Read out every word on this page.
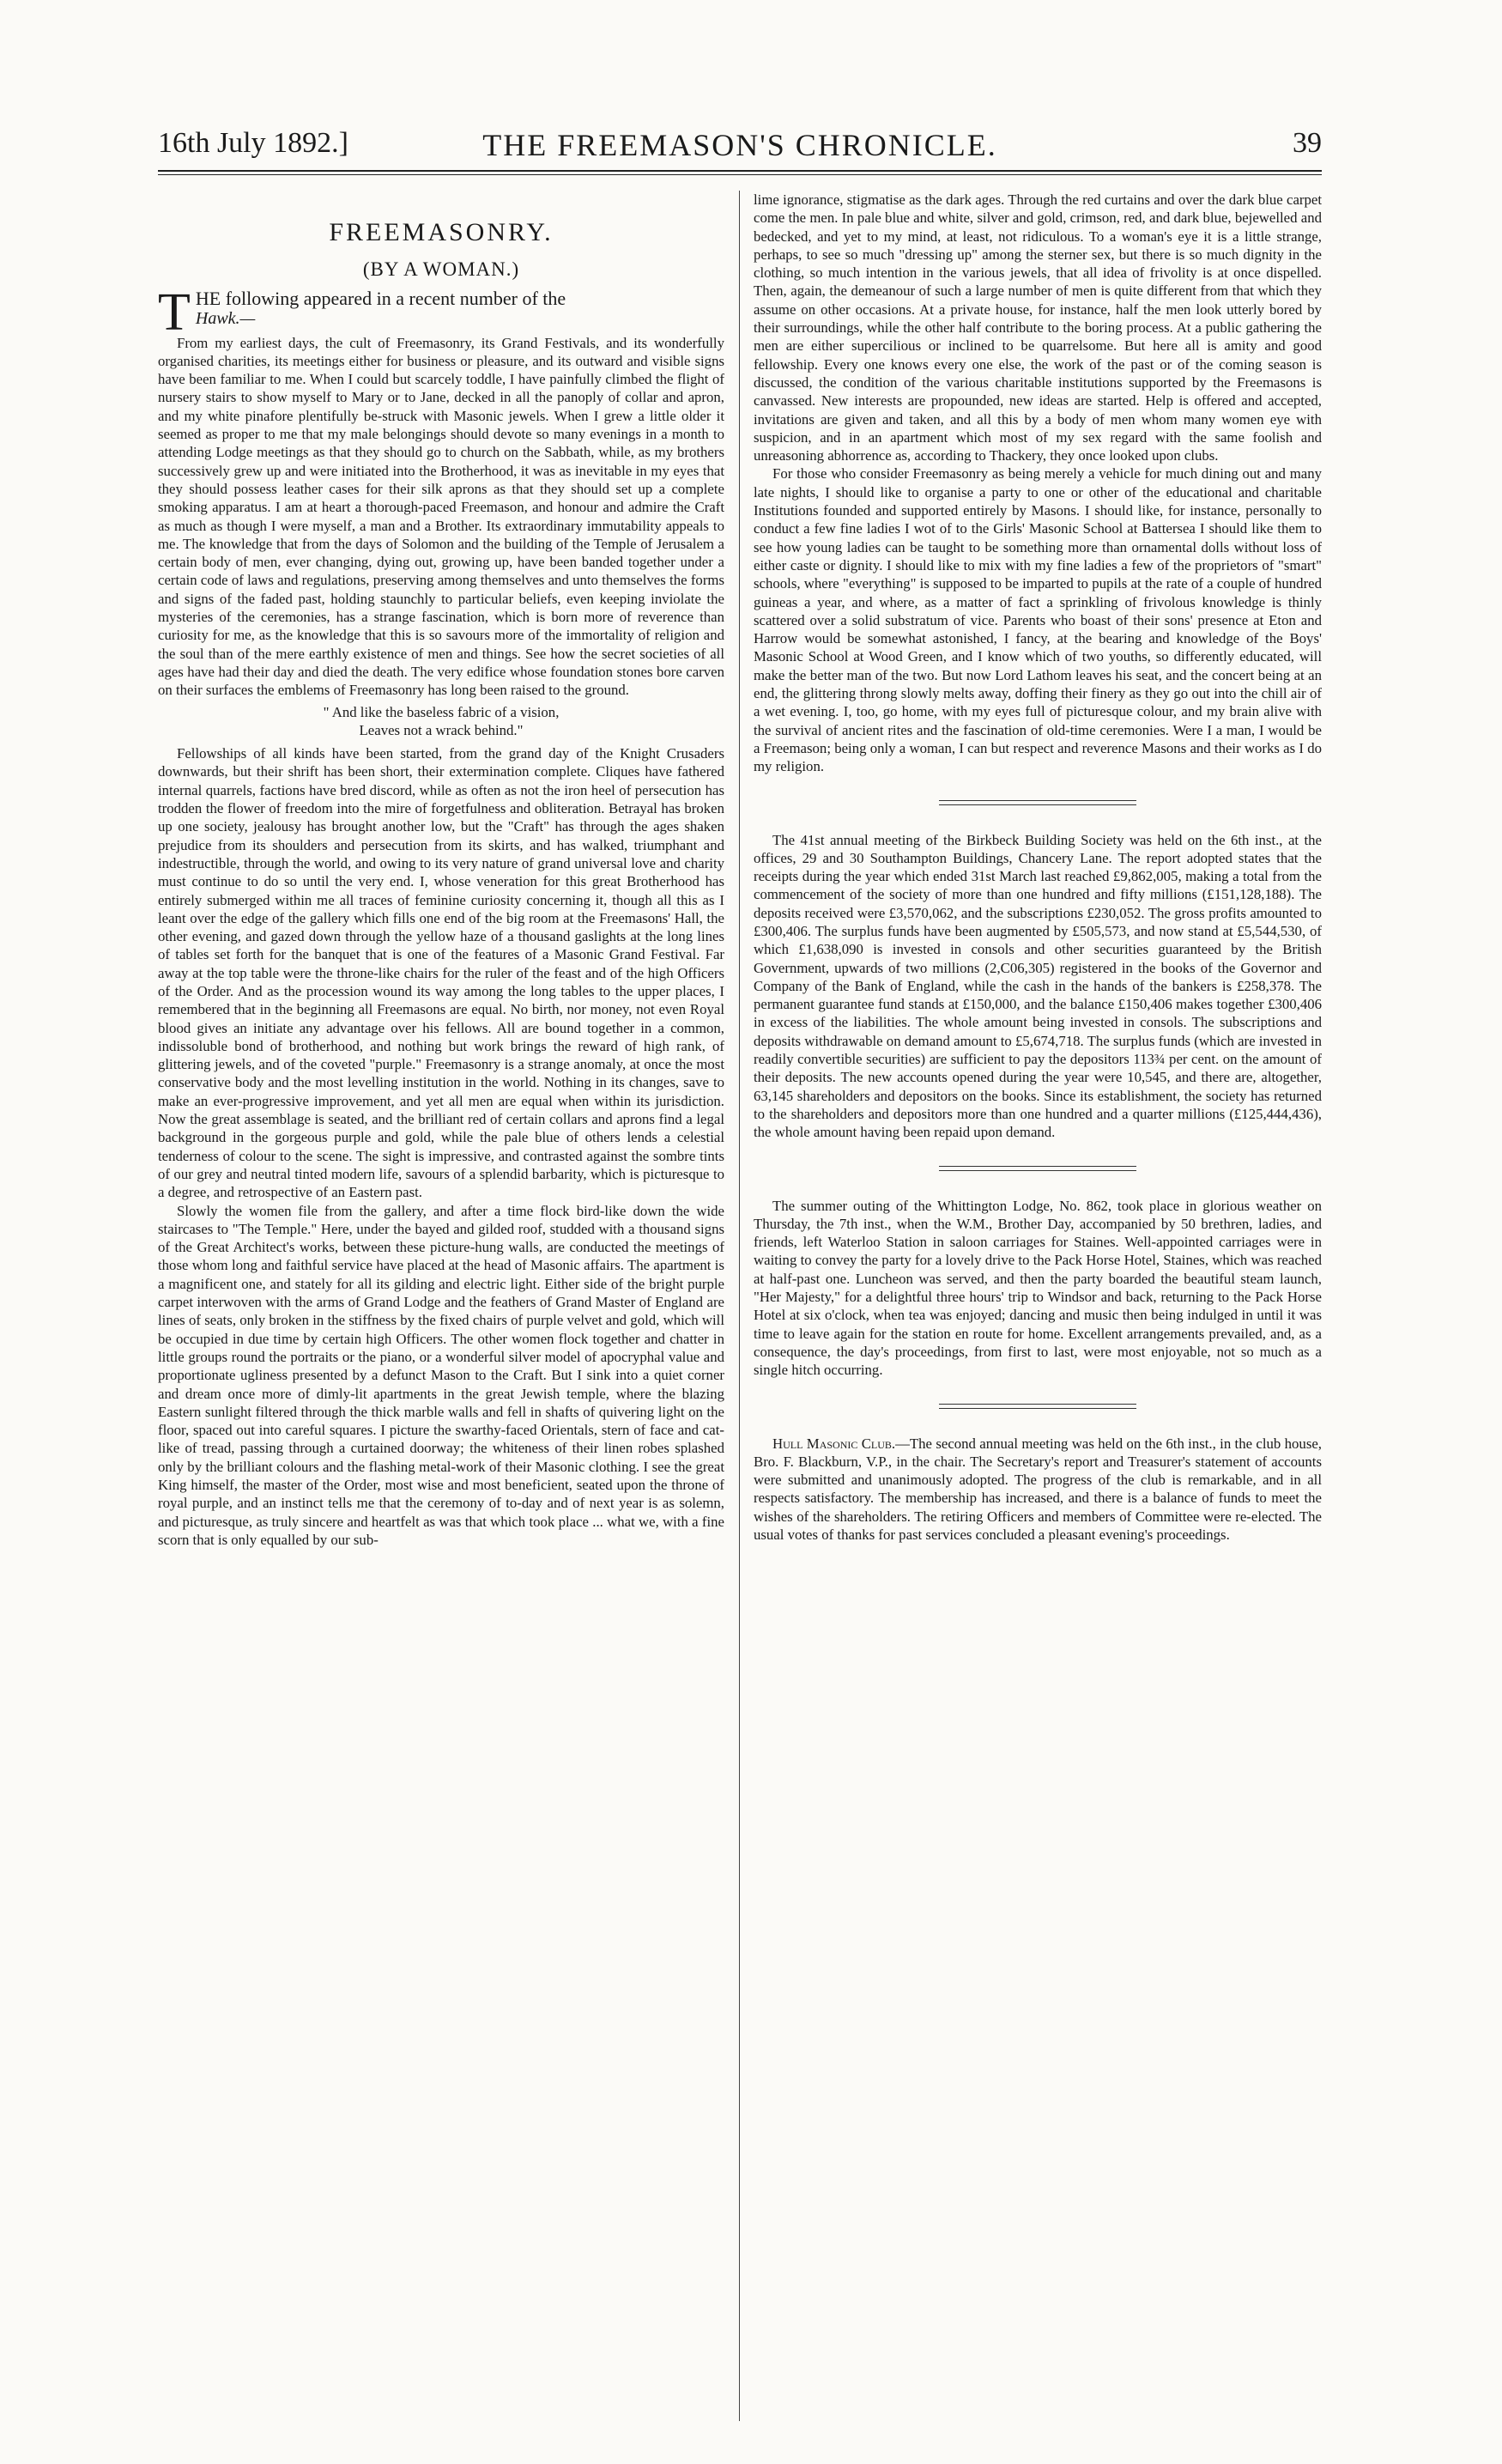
16th July 1892.]	THE FREEMASON'S CHRONICLE.	39
FREEMASONRY.
(BY A WOMAN.)

THE following appeared in a recent number of the

Hawk.—

From my earliest days, the cult of Freemasonry, its Grand Festivals, and its wonderfully organised charities, its meetings either for business or pleasure, and its outward and visible signs have been familiar to me. When I could but scarcely toddle, I have painfully climbed the flight of nursery stairs to show myself to Mary or to Jane, decked in all the panoply of collar and apron, and my white pinafore plentifully be-struck with Masonic jewels. When I grew a little older it seemed as proper to me that my male belongings should devote so many evenings in a month to attending Lodge meetings as that they should go to church on the Sabbath, while, as my brothers successively grew up and were initiated into the Brotherhood, it was as inevitable in my eyes that they should possess leather cases for their silk aprons as that they should set up a complete smoking apparatus. I am at heart a thorough-paced Freemason, and honour and admire the Craft as much as though I were myself, a man and a Brother. Its extraordinary immutability appeals to me. The knowledge that from the days of Solomon and the building of the Temple of Jerusalem a certain body of men, ever changing, dying out, growing up, have been banded together under a certain code of laws and regulations, preserving among themselves and unto themselves the forms and signs of the faded past, holding staunchly to particular beliefs, even keeping inviolate the mysteries of the ceremonies, has a strange fascination, which is born more of reverence than curiosity for me, as the knowledge that this is so savours more of the immortality of religion and the soul than of the mere earthly existence of men and things. See how the secret societies of all ages have had their day and died the death. The very edifice whose foundation stones bore carven on their surfaces the emblems of Freemasonry has long been raised to the ground.

" And like the baseless fabric of a vision,

Leaves not a wrack behind."

Fellowships of all kinds have been started, from the grand day of the Knight Crusaders downwards, but their shrift has been short, their extermination complete. Cliques have fathered internal quarrels, factions have bred discord, while as often as not the iron heel of persecution has trodden the flower of freedom into the mire of forgetfulness and obliteration. Betrayal has broken up one society, jealousy has brought another low, but the "Craft" has through the ages shaken prejudice from its shoulders and persecution from its skirts, and has walked, triumphant and indestructible, through the world, and owing to its very nature of grand universal love and charity must continue to do so until the very end. I, whose veneration for this great Brotherhood has entirely submerged within me all traces of feminine curiosity concerning it, though all this as I leant over the edge of the gallery which fills one end of the big room at the Freemasons' Hall, the other evening, and gazed down through the yellow haze of a thousand gaslights at the long lines of tables set forth for the banquet that is one of the features of a Masonic Grand Festival. Far away at the top table were the throne-like chairs for the ruler of the feast and of the high Officers of the Order. And as the procession wound its way among the long tables to the upper places, I remembered that in the beginning all Freemasons are equal. No birth, nor money, not even Royal blood gives an initiate any advantage over his fellows. All are bound together in a common, indissoluble bond of brotherhood, and nothing but work brings the reward of high rank, of glittering jewels, and of the coveted "purple." Freemasonry is a strange anomaly, at once the most conservative body and the most levelling institution in the world. Nothing in its changes, save to make an ever-progressive improvement, and yet all men are equal when within its jurisdiction. Now the great assemblage is seated, and the brilliant red of certain collars and aprons find a legal background in the gorgeous purple and gold, while the pale blue of others lends a celestial tenderness of colour to the scene. The sight is impressive, and contrasted against the sombre tints of our grey and neutral tinted modern life, savours of a splendid barbarity, which is picturesque to a degree, and retrospective of an Eastern past.

Slowly the women file from the gallery, and after a time flock bird-like down the wide staircases to "The Temple." Here, under the bayed and gilded roof, studded with a thousand signs of the Great Architect's works, between these picture-hung walls, are conducted the meetings of those whom long and faithful service have placed at the head of Masonic affairs. The apartment is a magnificent one, and stately for all its gilding and electric light. Either side of the bright purple carpet interwoven with the arms of Grand Lodge and the feathers of Grand Master of England are lines of seats, only broken in the stiffness by the fixed chairs of purple velvet and gold, which will be occupied in due time by certain high Officers. The other women flock together and chatter in little groups round the portraits or the piano, or a wonderful silver model of apocryphal value and proportionate ugliness presented by a defunct Mason to the Craft. But I sink into a quiet corner and dream once more of dimly-lit apartments in the great Jewish temple, where the blazing Eastern sunlight filtered through the thick marble walls and fell in shafts of quivering light on the floor, spaced out into careful squares. I picture the swarthy-faced Orientals, stern of face and cat-like of tread, passing through a curtained doorway; the whiteness of their linen robes splashed only by the brilliant colours and the flashing metal-work of their Masonic clothing. I see the great King himself, the master of the Order, most wise and most beneficient, seated upon the throne of royal purple, and an instinct tells me that the ceremony of to-day and of next year is as solemn, and picturesque, as truly sincere and heartfelt as was that which took place ... what we, with a fine scorn that is only equalled by our sub-

lime ignorance, stigmatise as the dark ages. Through the red curtains and over the dark blue carpet come the men. In pale blue and white, silver and gold, crimson, red, and dark blue, bejewelled and bedecked, and yet to my mind, at least, not ridiculous. To a woman's eye it is a little strange, perhaps, to see so much "dressing up" among the sterner sex, but there is so much dignity in the clothing, so much intention in the various jewels, that all idea of frivolity is at once dispelled. Then, again, the demeanour of such a large number of men is quite different from that which they assume on other occasions. At a private house, for instance, half the men look utterly bored by their surroundings, while the other half contribute to the boring process. At a public gathering the men are either supercilious or inclined to be quarrelsome. But here all is amity and good fellowship. Every one knows every one else, the work of the past or of the coming season is discussed, the condition of the various charitable institutions supported by the Freemasons is canvassed. New interests are propounded, new ideas are started. Help is offered and accepted, invitations are given and taken, and all this by a body of men whom many women eye with suspicion, and in an apartment which most of my sex regard with the same foolish and unreasoning abhorrence as, according to Thackery, they once looked upon clubs.

For those who consider Freemasonry as being merely a vehicle for much dining out and many late nights, I should like to organise a party to one or other of the educational and charitable Institutions founded and supported entirely by Masons. I should like, for instance, personally to conduct a few fine ladies I wot of to the Girls' Masonic School at Battersea I should like them to see how young ladies can be taught to be something more than ornamental dolls without loss of either caste or dignity. I should like to mix with my fine ladies a few of the proprietors of "smart" schools, where "everything" is supposed to be imparted to pupils at the rate of a couple of hundred guineas a year, and where, as a matter of fact a sprinkling of frivolous knowledge is thinly scattered over a solid substratum of vice. Parents who boast of their sons' presence at Eton and Harrow would be somewhat astonished, I fancy, at the bearing and knowledge of the Boys' Masonic School at Wood Green, and I know which of two youths, so differently educated, will make the better man of the two. But now Lord Lathom leaves his seat, and the concert being at an end, the glittering throng slowly melts away, doffing their finery as they go out into the chill air of a wet evening. I, too, go home, with my eyes full of picturesque colour, and my brain alive with the survival of ancient rites and the fascination of old-time ceremonies. Were I a man, I would be a Freemason; being only a woman, I can but respect and reverence Masons and their works as I do my religion.

The 41st annual meeting of the Birkbeck Building Society was held on the 6th inst., at the offices, 29 and 30 Southampton Buildings, Chancery Lane. The report adopted states that the receipts during the year which ended 31st March last reached £9,862,005, making a total from the commencement of the society of more than one hundred and fifty millions (£151,128,188). The deposits received were £3,570,062, and the subscriptions £230,052. The gross profits amounted to £300,406. The surplus funds have been augmented by £505,573, and now stand at £5,544,530, of which £1,638,090 is invested in consols and other securities guaranteed by the British Government, upwards of two millions (2,C06,305) registered in the books of the Governor and Company of the Bank of England, while the cash in the hands of the bankers is £258,378. The permanent guarantee fund stands at £150,000, and the balance £150,406 makes together £300,406 in excess of the liabilities. The whole amount being invested in consols. The subscriptions and deposits withdrawable on demand amount to £5,674,718. The surplus funds (which are invested in readily convertible securities) are sufficient to pay the depositors 113¾ per cent. on the amount of their deposits. The new accounts opened during the year were 10,545, and there are, altogether, 63,145 shareholders and depositors on the books. Since its establishment, the society has returned to the shareholders and depositors more than one hundred and a quarter millions (£125,444,436), the whole amount having been repaid upon demand.

The summer outing of the Whittington Lodge, No. 862, took place in glorious weather on Thursday, the 7th inst., when the W.M., Brother Day, accompanied by 50 brethren, ladies, and friends, left Waterloo Station in saloon carriages for Staines. Well-appointed carriages were in waiting to convey the party for a lovely drive to the Pack Horse Hotel, Staines, which was reached at half-past one. Luncheon was served, and then the party boarded the beautiful steam launch, "Her Majesty," for a delightful three hours' trip to Windsor and back, returning to the Pack Horse Hotel at six o'clock, when tea was enjoyed; dancing and music then being indulged in until it was time to leave again for the station en route for home. Excellent arrangements prevailed, and, as a consequence, the day's proceedings, from first to last, were most enjoyable, not so much as a single hitch occurring.

Hull Masonic Club.—The second annual meeting was held on the 6th inst., in the club house, Bro. F. Blackburn, V.P., in the chair. The Secretary's report and Treasurer's statement of accounts were submitted and unanimously adopted. The progress of the club is remarkable, and in all respects satisfactory. The membership has increased, and there is a balance of funds to meet the wishes of the shareholders. The retiring Officers and members of Committee were re-elected. The usual votes of thanks for past services concluded a pleasant evening's proceedings.
